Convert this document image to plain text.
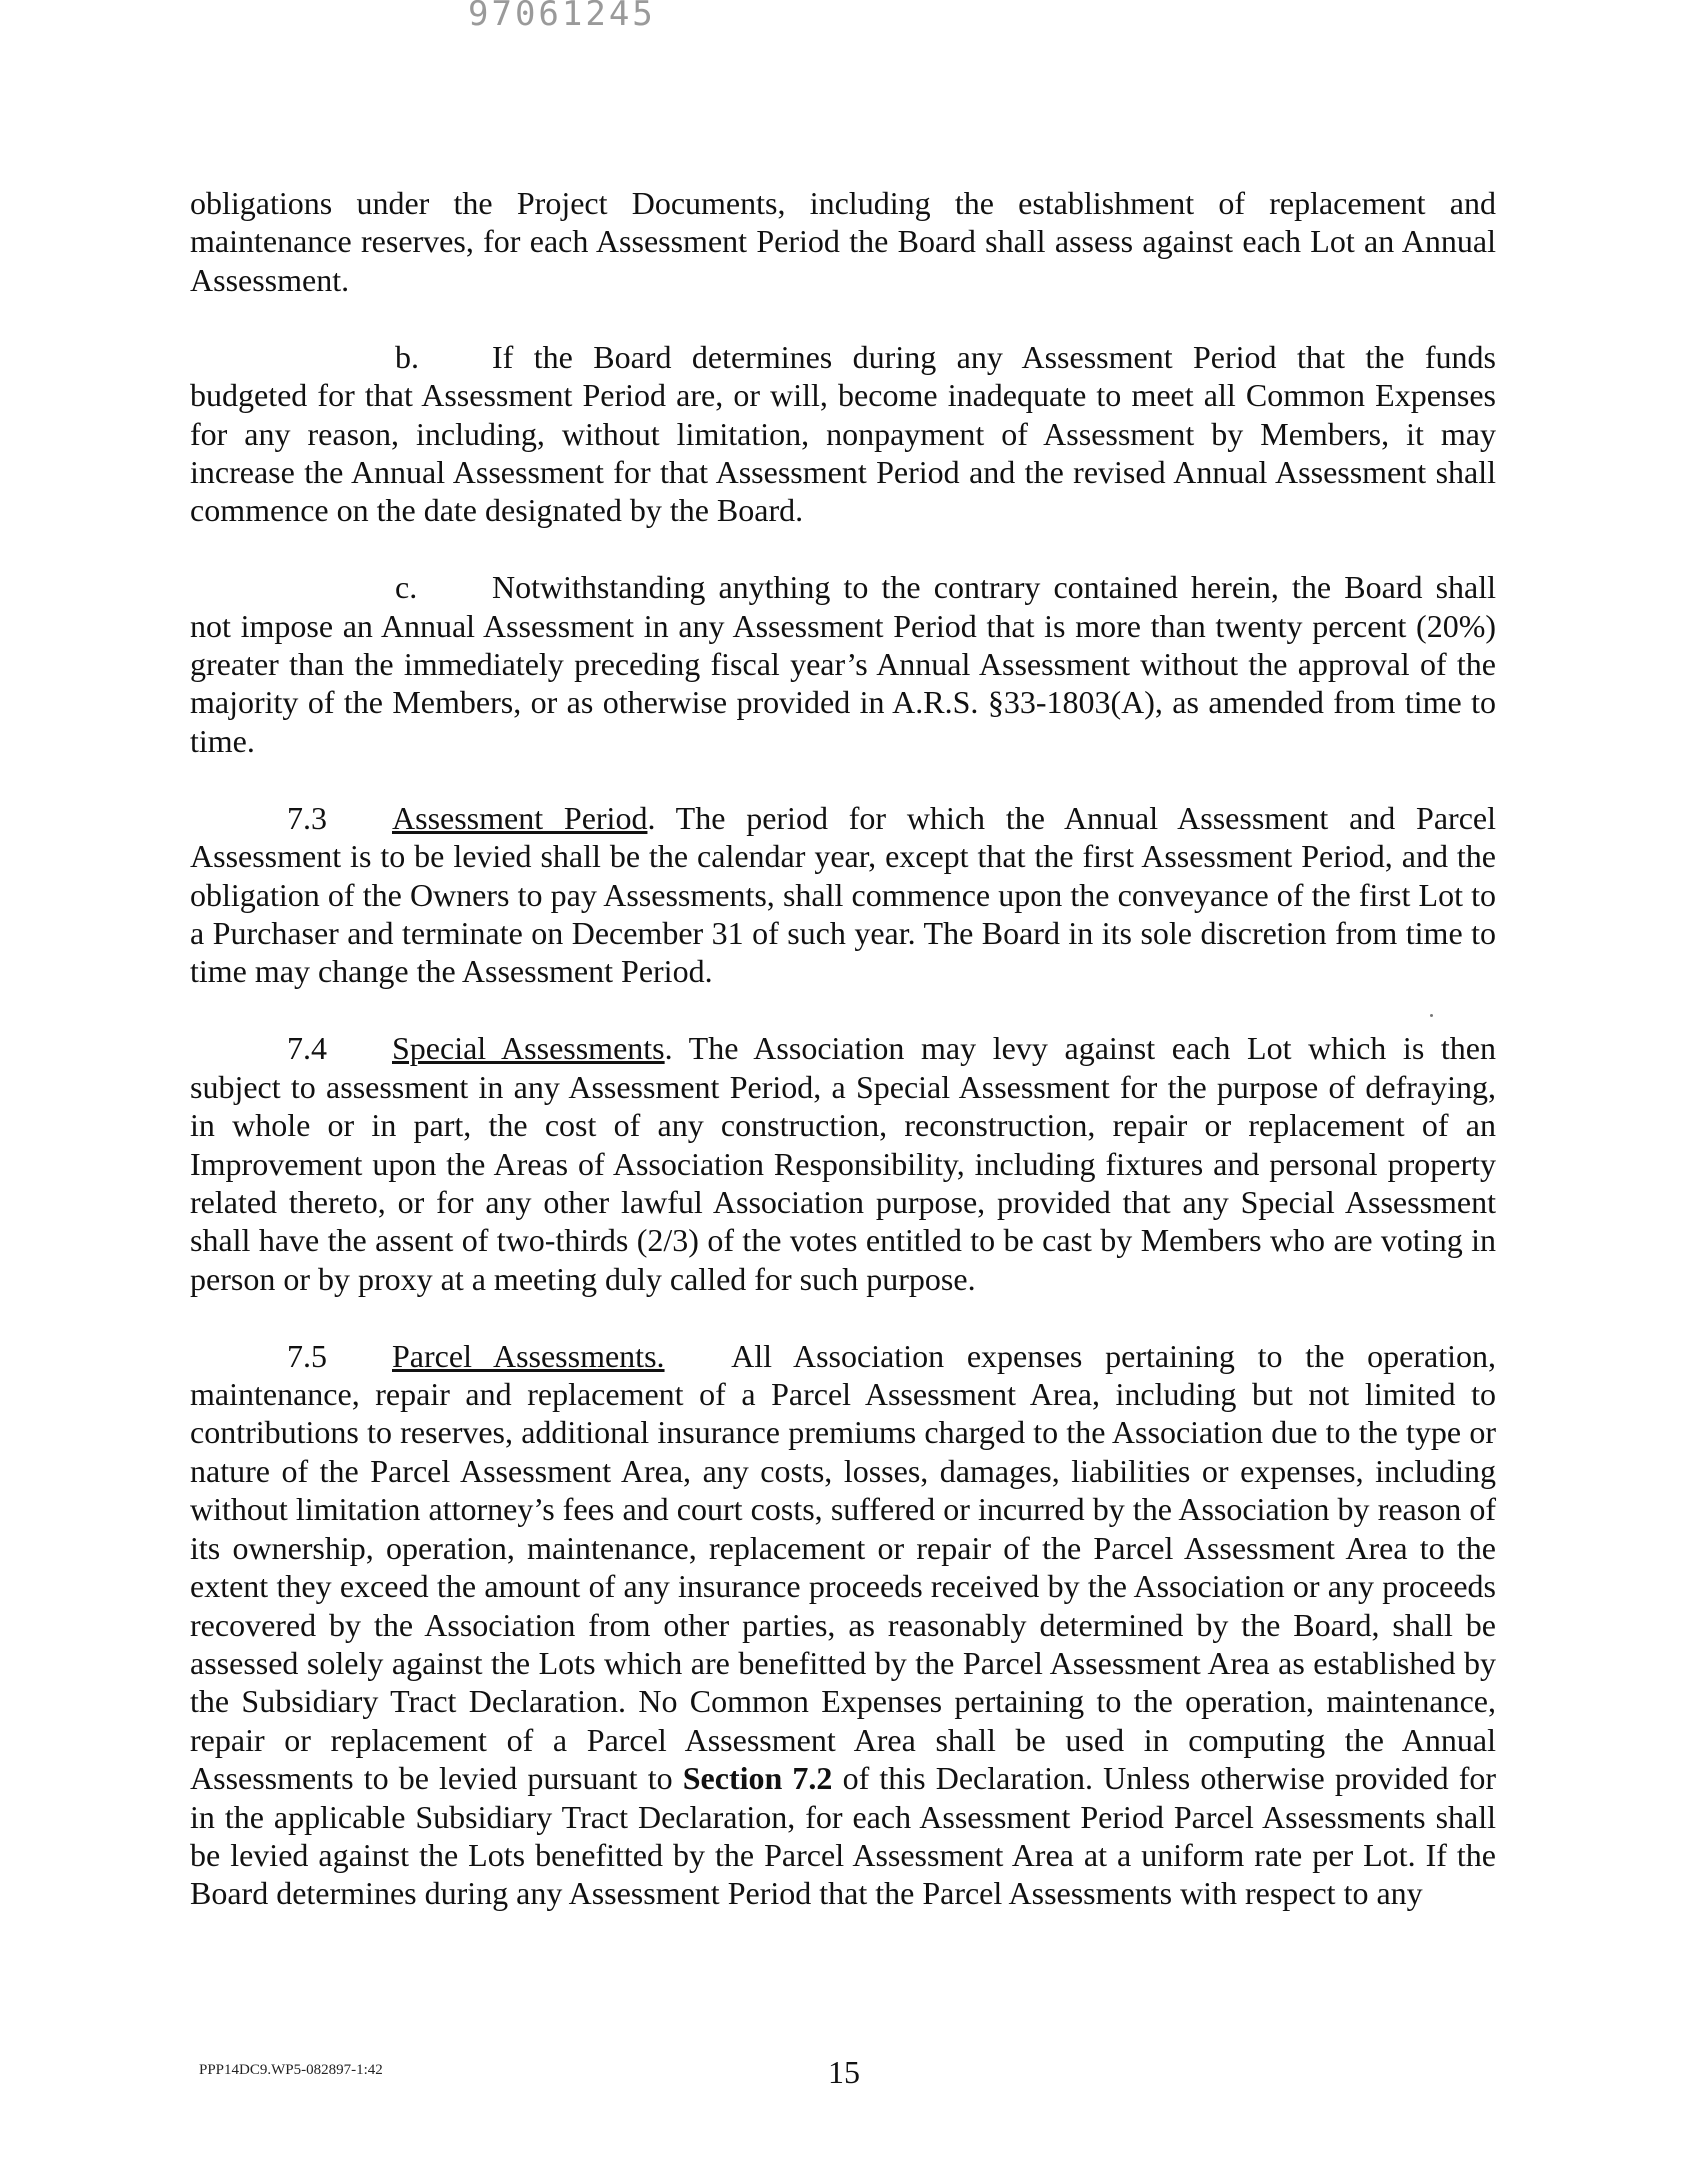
97061245

obligations under the Project Documents, including the establishment of replacement and maintenance reserves, for each Assessment Period the Board shall assess against each Lot an Annual Assessment.

b. If the Board determines during any Assessment Period that the funds budgeted for that Assessment Period are, or will, become inadequate to meet all Common Expenses for any reason, including, without limitation, nonpayment of Assessment by Members, it may increase the Annual Assessment for that Assessment Period and the revised Annual Assessment shall commence on the date designated by the Board.

c. Notwithstanding anything to the contrary contained herein, the Board shall not impose an Annual Assessment in any Assessment Period that is more than twenty percent (20%) greater than the immediately preceding fiscal year’s Annual Assessment without the approval of the majority of the Members, or as otherwise provided in A.R.S. §33-1803(A), as amended from time to time.

7.3 Assessment Period. The period for which the Annual Assessment and Parcel Assessment is to be levied shall be the calendar year, except that the first Assessment Period, and the obligation of the Owners to pay Assessments, shall commence upon the conveyance of the first Lot to a Purchaser and terminate on December 31 of such year. The Board in its sole discretion from time to time may change the Assessment Period.

7.4 Special Assessments. The Association may levy against each Lot which is then subject to assessment in any Assessment Period, a Special Assessment for the purpose of defraying, in whole or in part, the cost of any construction, reconstruction, repair or replacement of an Improvement upon the Areas of Association Responsibility, including fixtures and personal property related thereto, or for any other lawful Association purpose, provided that any Special Assessment shall have the assent of two-thirds (2/3) of the votes entitled to be cast by Members who are voting in person or by proxy at a meeting duly called for such purpose.

7.5 Parcel Assessments. All Association expenses pertaining to the operation, maintenance, repair and replacement of a Parcel Assessment Area, including but not limited to contributions to reserves, additional insurance premiums charged to the Association due to the type or nature of the Parcel Assessment Area, any costs, losses, damages, liabilities or expenses, including without limitation attorney’s fees and court costs, suffered or incurred by the Association by reason of its ownership, operation, maintenance, replacement or repair of the Parcel Assessment Area to the extent they exceed the amount of any insurance proceeds received by the Association or any proceeds recovered by the Association from other parties, as reasonably determined by the Board, shall be assessed solely against the Lots which are benefitted by the Parcel Assessment Area as established by the Subsidiary Tract Declaration. No Common Expenses pertaining to the operation, maintenance, repair or replacement of a Parcel Assessment Area shall be used in computing the Annual Assessments to be levied pursuant to Section 7.2 of this Declaration. Unless otherwise provided for in the applicable Subsidiary Tract Declaration, for each Assessment Period Parcel Assessments shall be levied against the Lots benefitted by the Parcel Assessment Area at a uniform rate per Lot. If the Board determines during any Assessment Period that the Parcel Assessments with respect to any

PPP14DC9.WP5-082897-1:42	15
